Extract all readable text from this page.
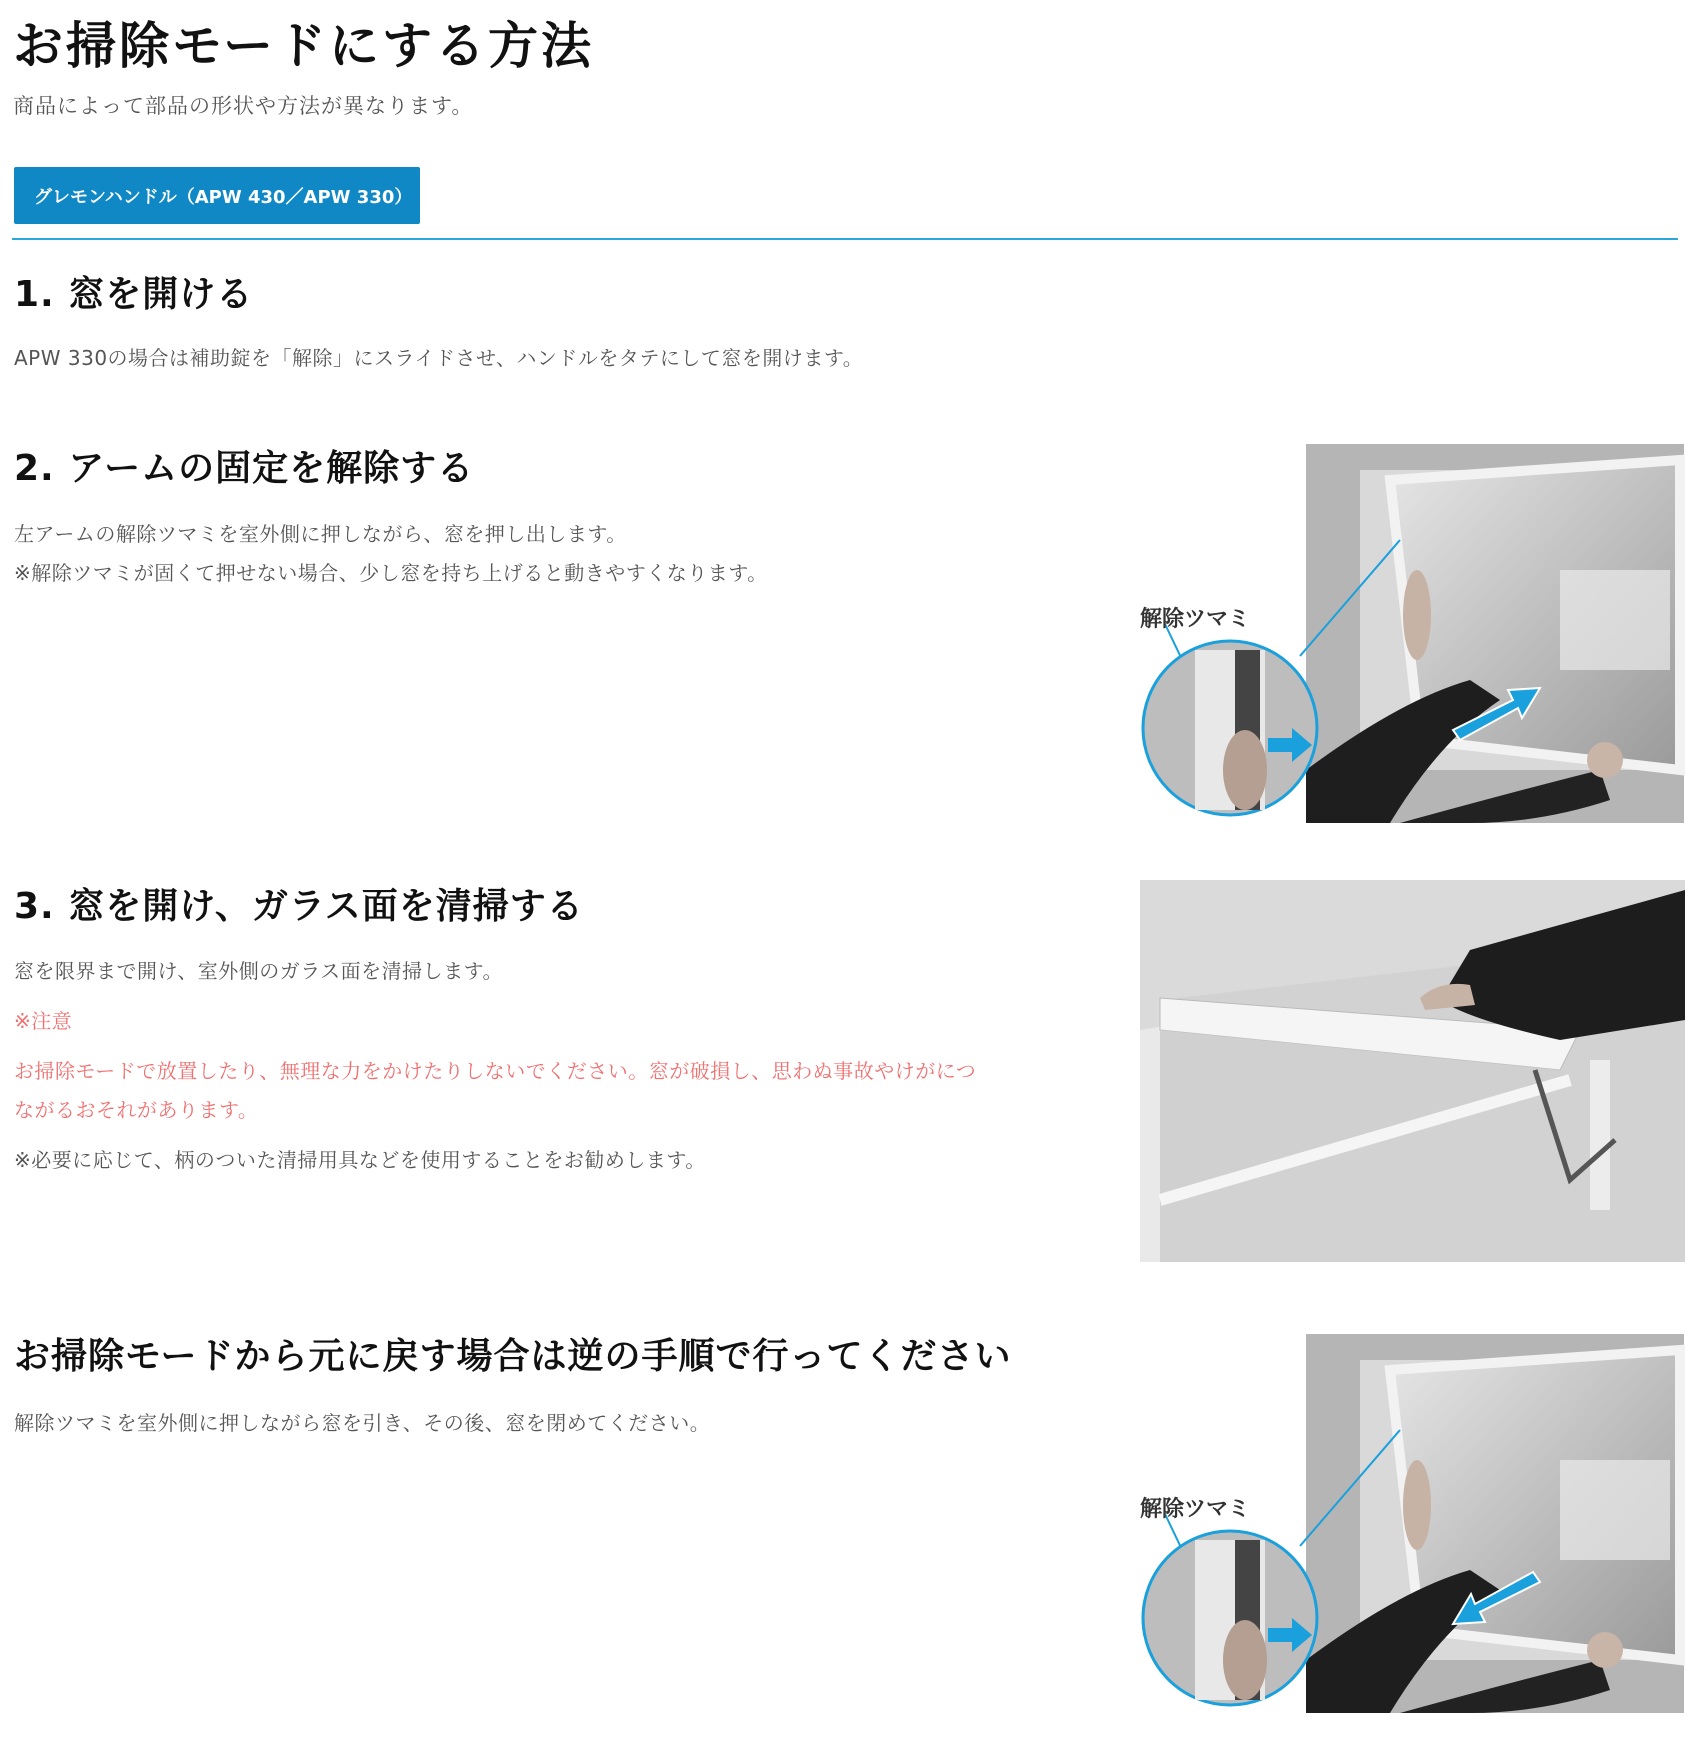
お掃除モードにする方法
商品によって部品の形状や方法が異なります。
グレモンハンドル（APW 430／APW 330）
1. 窓を開ける

APW 330の場合は補助錠を「解除」にスライドさせ、ハンドルをタテにして窓を開けます。

2. アームの固定を解除する

左アームの解除ツマミを室外側に押しながら、窓を押し出します。

※解除ツマミが固くて押せない場合、少し窓を持ち上げると動きやすくなります。

解除ツマミ
3. 窓を開け、ガラス面を清掃する

窓を限界まで開け、室外側のガラス面を清掃します。

※注意

お掃除モードで放置したり、無理な力をかけたりしないでください。窓が破損し、思わぬ事故やけがにつ

ながるおそれがあります。

※必要に応じて、柄のついた清掃用具などを使用することをお勧めします。

お掃除モードから元に戻す場合は逆の手順で行ってください

解除ツマミを室外側に押しながら窓を引き、その後、窓を閉めてください。

解除ツマミ
